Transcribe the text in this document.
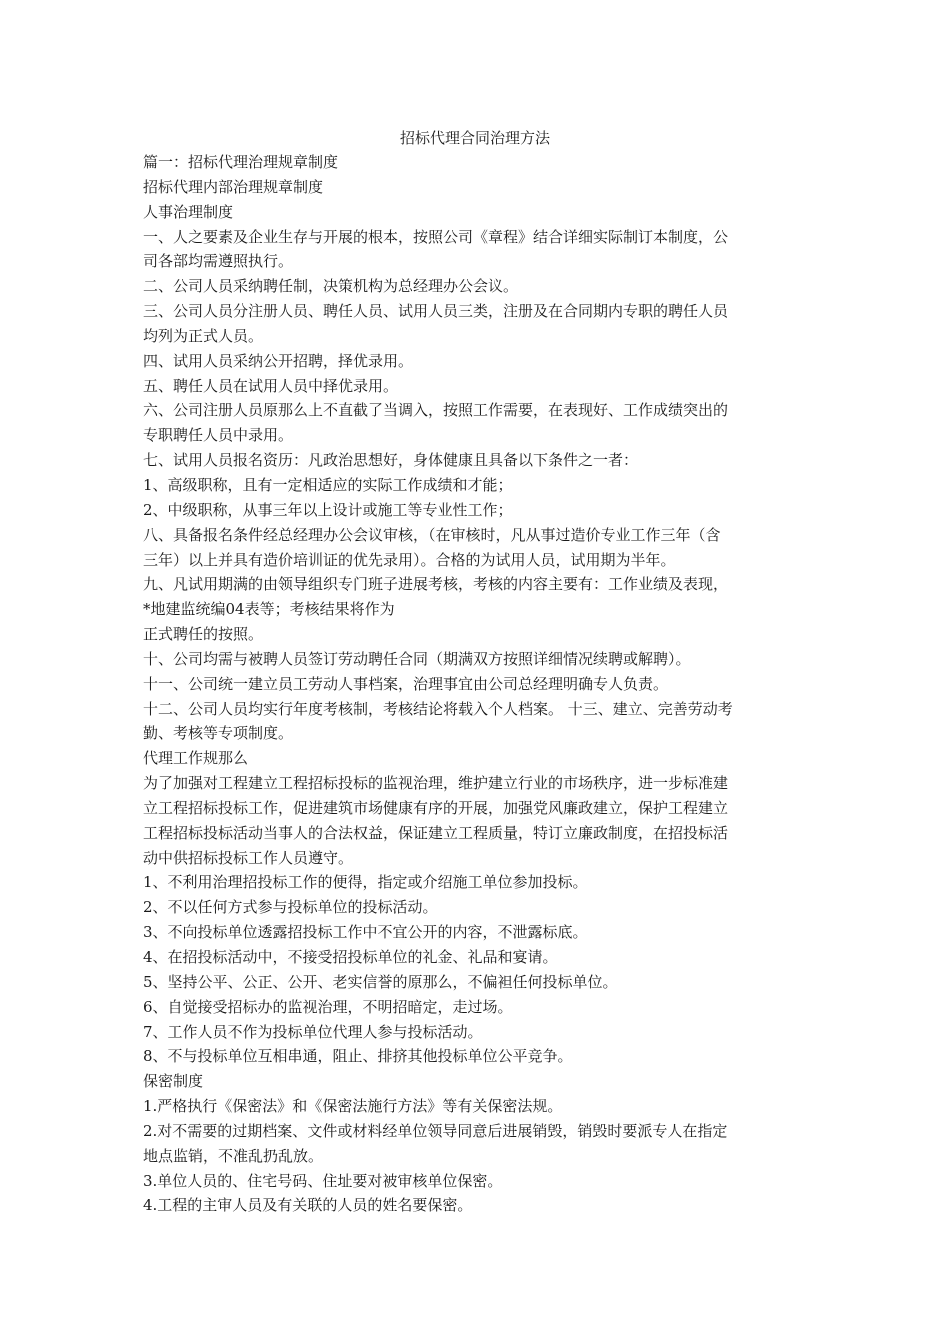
招标代理合同治理方法
篇一：招标代理治理规章制度
招标代理内部治理规章制度
人事治理制度
一、人之要素及企业生存与开展的根本，按照公司《章程》结合详细实际制订本制度，公
司各部均需遵照执行。
二、公司人员采纳聘任制，决策机构为总经理办公会议。
三、公司人员分注册人员、聘任人员、试用人员三类，注册及在合同期内专职的聘任人员
均列为正式人员。
四、试用人员采纳公开招聘，择优录用。
五、聘任人员在试用人员中择优录用。
六、公司注册人员原那么上不直截了当调入，按照工作需要，在表现好、工作成绩突出的
专职聘任人员中录用。
七、试用人员报名资历：凡政治思想好，身体健康且具备以下条件之一者：
1、高级职称，且有一定相适应的实际工作成绩和才能；
2、中级职称，从事三年以上设计或施工等专业性工作；
八、具备报名条件经总经理办公会议审核，（在审核时，凡从事过造价专业工作三年（含
三年）以上并具有造价培训证的优先录用）。合格的为试用人员，试用期为半年。
九、凡试用期满的由领导组织专门班子进展考核，考核的内容主要有：工作业绩及表现，
*地建监统编04表等；考核结果将作为
正式聘任的按照。
十、公司均需与被聘人员签订劳动聘任合同（期满双方按照详细情况续聘或解聘）。
十一、公司统一建立员工劳动人事档案，治理事宜由公司总经理明确专人负责。
十二、公司人员均实行年度考核制，考核结论将载入个人档案。 十三、建立、完善劳动考
勤、考核等专项制度。
代理工作规那么
为了加强对工程建立工程招标投标的监视治理，维护建立行业的市场秩序，进一步标准建
立工程招标投标工作，促进建筑市场健康有序的开展，加强党风廉政建立，保护工程建立
工程招标投标活动当事人的合法权益，保证建立工程质量，特订立廉政制度，在招投标活
动中供招标投标工作人员遵守。
1、不利用治理招投标工作的便得，指定或介绍施工单位参加投标。
2、不以任何方式参与投标单位的投标活动。
3、不向投标单位透露招投标工作中不宜公开的内容，不泄露标底。
4、在招投标活动中，不接受招投标单位的礼金、礼品和宴请。
5、坚持公平、公正、公开、老实信誉的原那么，不偏袒任何投标单位。
6、自觉接受招标办的监视治理，不明招暗定，走过场。
7、工作人员不作为投标单位代理人参与投标活动。
8、不与投标单位互相串通，阻止、排挤其他投标单位公平竞争。
保密制度
1.严格执行《保密法》和《保密法施行方法》等有关保密法规。
2.对不需要的过期档案、文件或材料经单位领导同意后进展销毁，销毁时要派专人在指定
地点监销，不准乱扔乱放。
3.单位人员的、住宅号码、住址要对被审核单位保密。
4.工程的主审人员及有关联的人员的姓名要保密。
